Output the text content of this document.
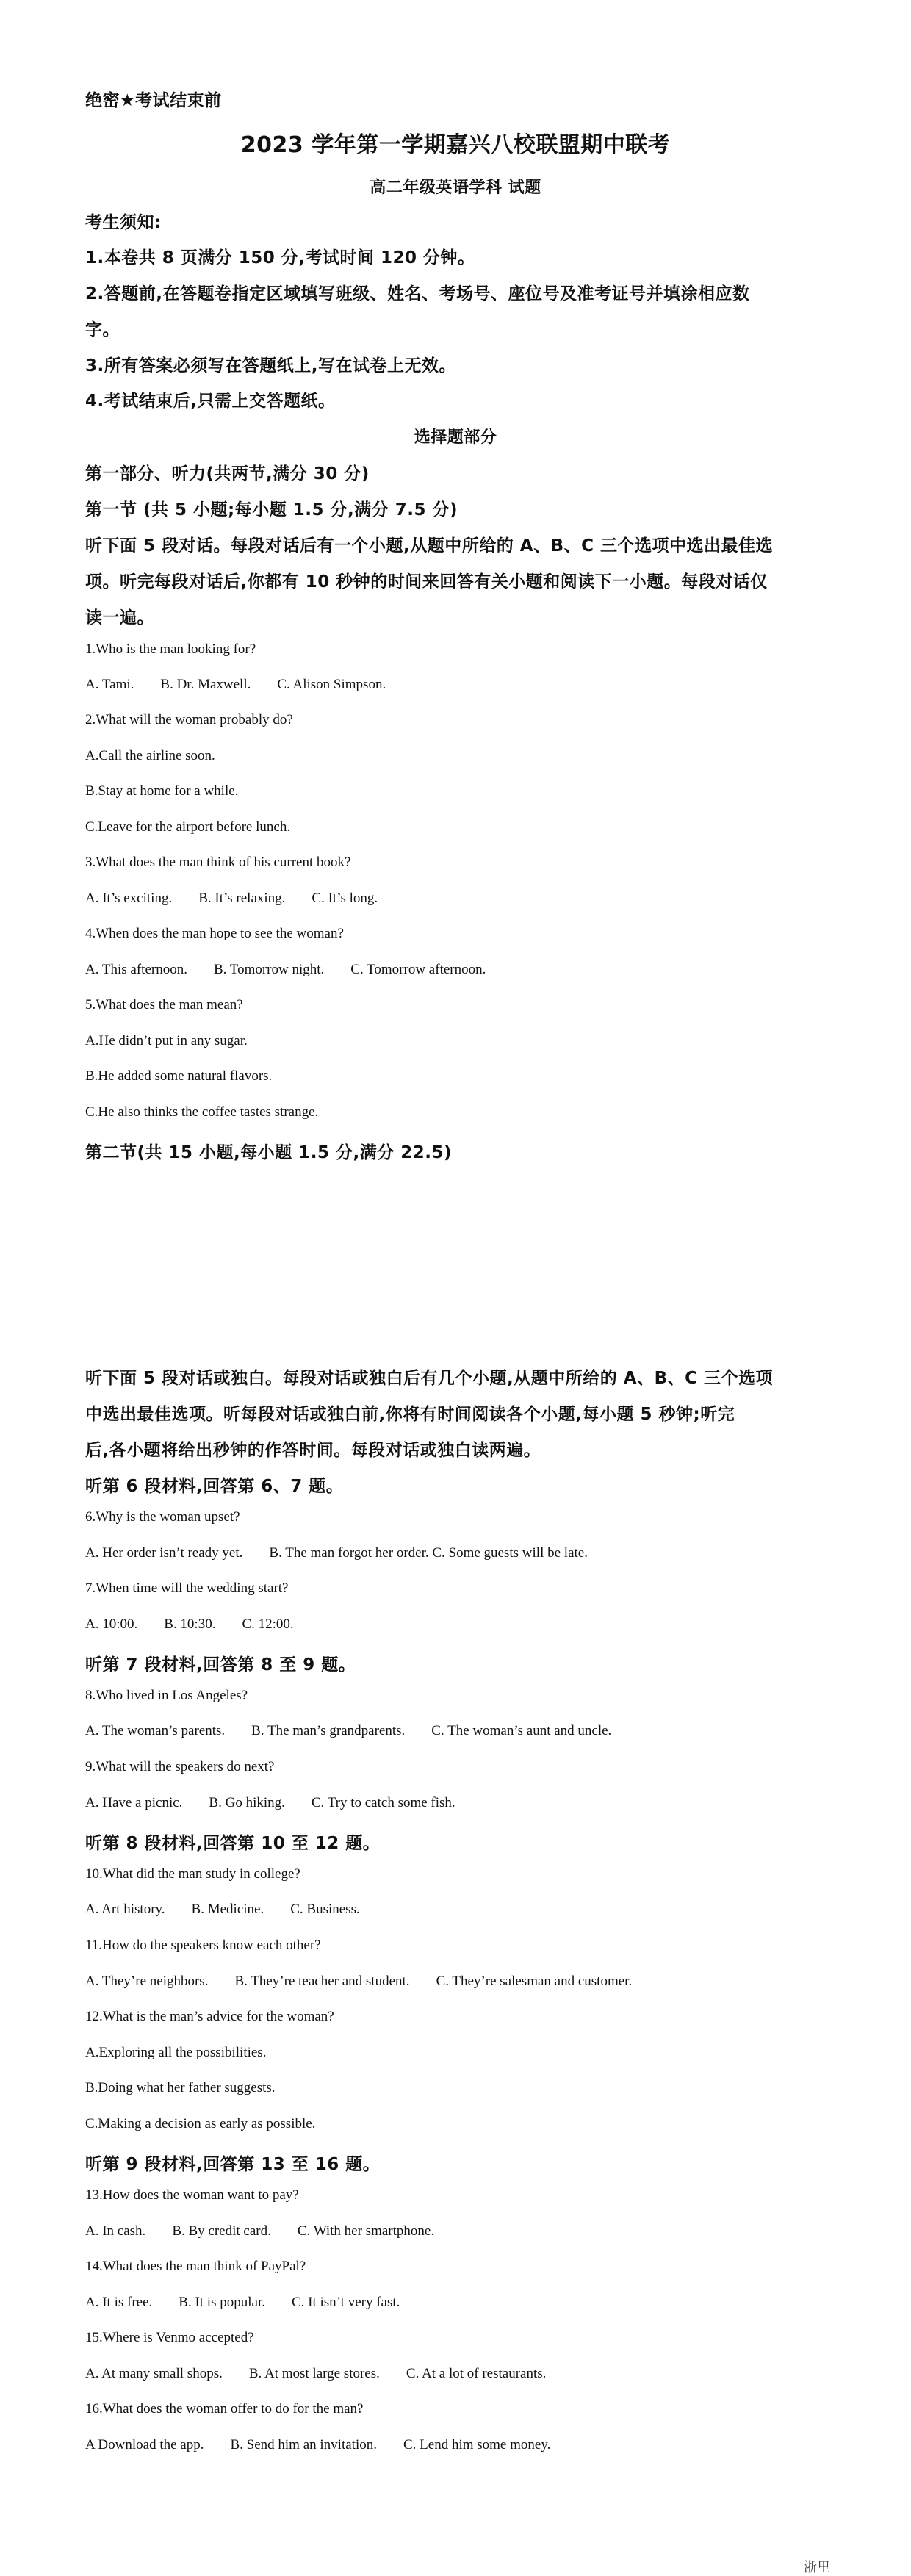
绝密★考试结束前
2023 学年第一学期嘉兴八校联盟期中联考
高二年级英语学科 试题
考生须知:
1.本卷共 8 页满分 150 分,考试时间 120 分钟。
2.答题前,在答题卷指定区域填写班级、姓名、考场号、座位号及准考证号并填涂相应数
字。
3.所有答案必须写在答题纸上,写在试卷上无效。
4.考试结束后,只需上交答题纸。
选择题部分
第一部分、听力(共两节,满分 30 分)
第一节 (共 5 小题;每小题 1.5 分,满分 7.5 分)
听下面 5 段对话。每段对话后有一个小题,从题中所给的 A、B、C 三个选项中选出最佳选
项。听完每段对话后,你都有 10 秒钟的时间来回答有关小题和阅读下一小题。每段对话仅
读一遍。
1.Who is the man looking for?
A. Tami. B. Dr. Maxwell. C. Alison Simpson.
2.What will the woman probably do?
A.Call the airline soon.
B.Stay at home for a while.
C.Leave for the airport before lunch.
3.What does the man think of his current book?
A. It’s exciting. B. It’s relaxing. C. It’s long.
4.When does the man hope to see the woman?
A. This afternoon. B. Tomorrow night. C. Tomorrow afternoon.
5.What does the man mean?
A.He didn’t put in any sugar.
B.He added some natural flavors.
C.He also thinks the coffee tastes strange.
第二节(共 15 小题,每小题 1.5 分,满分 22.5)
听下面 5 段对话或独白。每段对话或独白后有几个小题,从题中所给的 A、B、C 三个选项
中选出最佳选项。听每段对话或独白前,你将有时间阅读各个小题,每小题 5 秒钟;听完
后,各小题将给出秒钟的作答时间。每段对话或独白读两遍。
听第 6 段材料,回答第 6、7 题。
6.Why is the woman upset?
A. Her order isn’t ready yet. B. The man forgot her order. C. Some guests will be late.
7.When time will the wedding start?
A. 10:00. B. 10:30. C. 12:00.
听第 7 段材料,回答第 8 至 9 题。
8.Who lived in Los Angeles?
A. The woman’s parents. B. The man’s grandparents. C. The woman’s aunt and uncle.
9.What will the speakers do next?
A. Have a picnic. B. Go hiking. C. Try to catch some fish.
听第 8 段材料,回答第 10 至 12 题。
10.What did the man study in college?
A. Art history. B. Medicine. C. Business.
11.How do the speakers know each other?
A. They’re neighbors. B. They’re teacher and student. C. They’re salesman and customer.
12.What is the man’s advice for the woman?
A.Exploring all the possibilities.
B.Doing what her father suggests.
C.Making a decision as early as possible.
听第 9 段材料,回答第 13 至 16 题。
13.How does the woman want to pay?
A. In cash. B. By credit card. C. With her smartphone.
14.What does the man think of PayPal?
A. It is free. B. It is popular. C. It isn’t very fast.
15.Where is Venmo accepted?
A. At many small shops. B. At most large stores. C. At a lot of restaurants.
16.What does the woman offer to do for the man?
A Download the app. B. Send him an invitation. C. Lend him some money.
浙里
